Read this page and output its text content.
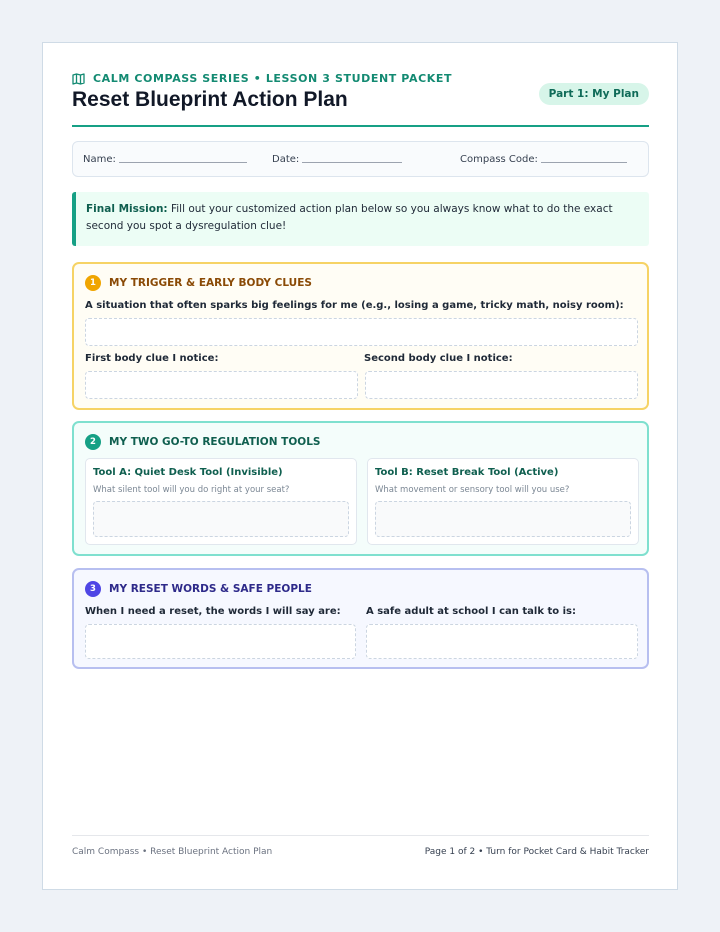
CALM COMPASS SERIES • LESSON 3 STUDENT PACKET
Reset Blueprint Action Plan	Part 1: My Plan
Name:	Date:	Compass Code:
Final Mission: Fill out your customized action plan below so you always know what to do the exact second you spot a dysregulation clue!
1	MY TRIGGER & EARLY BODY CLUES
A situation that often sparks big feelings for me (e.g., losing a game, tricky math, noisy room):
First body clue I notice:	Second body clue I notice:
2	MY TWO GO-TO REGULATION TOOLS
Tool A: Quiet Desk Tool (Invisible)
What silent tool will you do right at your seat?
Tool B: Reset Break Tool (Active)
What movement or sensory tool will you use?
3	MY RESET WORDS & SAFE PEOPLE
When I need a reset, the words I will say are:	A safe adult at school I can talk to is:
Calm Compass • Reset Blueprint Action Plan	Page 1 of 2 • Turn for Pocket Card & Habit Tracker
